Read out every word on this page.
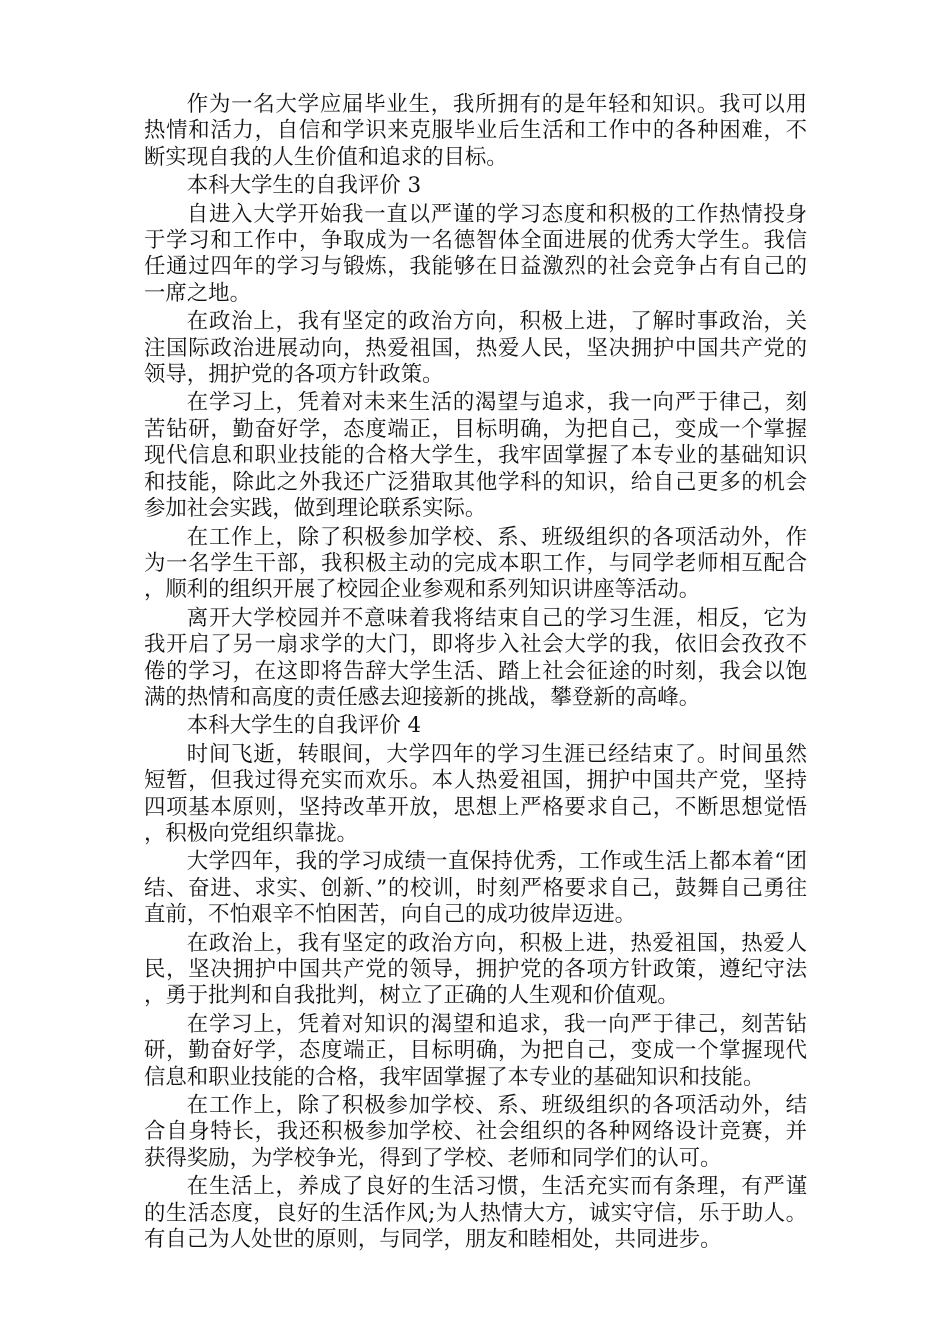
作为一名大学应届毕业生，我所拥有的是年轻和知识。我可以用热情和活力，自信和学识来克服毕业后生活和工作中的各种困难，不断实现自我的人生价值和追求的目标。

本科大学生的自我评价 3

自进入大学开始我一直以严谨的学习态度和积极的工作热情投身于学习和工作中，争取成为一名德智体全面进展的优秀大学生。我信任通过四年的学习与锻炼，我能够在日益激烈的社会竞争占有自己的一席之地。

在政治上，我有坚定的政治方向，积极上进，了解时事政治，关注国际政治进展动向，热爱祖国，热爱人民，坚决拥护中国共产党的领导，拥护党的各项方针政策。

在学习上，凭着对未来生活的渴望与追求，我一向严于律己，刻苦钻研，勤奋好学，态度端正，目标明确，为把自己，变成一个掌握现代信息和职业技能的合格大学生，我牢固掌握了本专业的基础知识和技能，除此之外我还广泛猎取其他学科的知识，给自己更多的机会参加社会实践，做到理论联系实际。

在工作上，除了积极参加学校、系、班级组织的各项活动外，作为一名学生干部，我积极主动的完成本职工作，与同学老师相互配合，顺利的组织开展了校园企业参观和系列知识讲座等活动。

离开大学校园并不意味着我将结束自己的学习生涯，相反，它为我开启了另一扇求学的大门，即将步入社会大学的我，依旧会孜孜不倦的学习，在这即将告辞大学生活、踏上社会征途的时刻，我会以饱满的热情和高度的责任感去迎接新的挑战，攀登新的高峰。

本科大学生的自我评价 4

时间飞逝，转眼间，大学四年的学习生涯已经结束了。时间虽然短暂，但我过得充实而欢乐。本人热爱祖国，拥护中国共产党，坚持四项基本原则，坚持改革开放，思想上严格要求自己，不断思想觉悟，积极向党组织靠拢。

大学四年，我的学习成绩一直保持优秀，工作或生活上都本着“团结、奋进、求实、创新、”的校训，时刻严格要求自己，鼓舞自己勇往直前，不怕艰辛不怕困苦，向自己的成功彼岸迈进。

在政治上，我有坚定的政治方向，积极上进，热爱祖国，热爱人民，坚决拥护中国共产党的领导，拥护党的各项方针政策，遵纪守法，勇于批判和自我批判，树立了正确的人生观和价值观。

在学习上，凭着对知识的渴望和追求，我一向严于律己，刻苦钻研，勤奋好学，态度端正，目标明确，为把自己，变成一个掌握现代信息和职业技能的合格，我牢固掌握了本专业的基础知识和技能。

在工作上，除了积极参加学校、系、班级组织的各项活动外，结合自身特长，我还积极参加学校、社会组织的各种网络设计竞赛，并获得奖励，为学校争光，得到了学校、老师和同学们的认可。

在生活上，养成了良好的生活习惯，生活充实而有条理，有严谨的生活态度，良好的生活作风;为人热情大方，诚实守信，乐于助人。有自己为人处世的原则，与同学，朋友和睦相处，共同进步。
